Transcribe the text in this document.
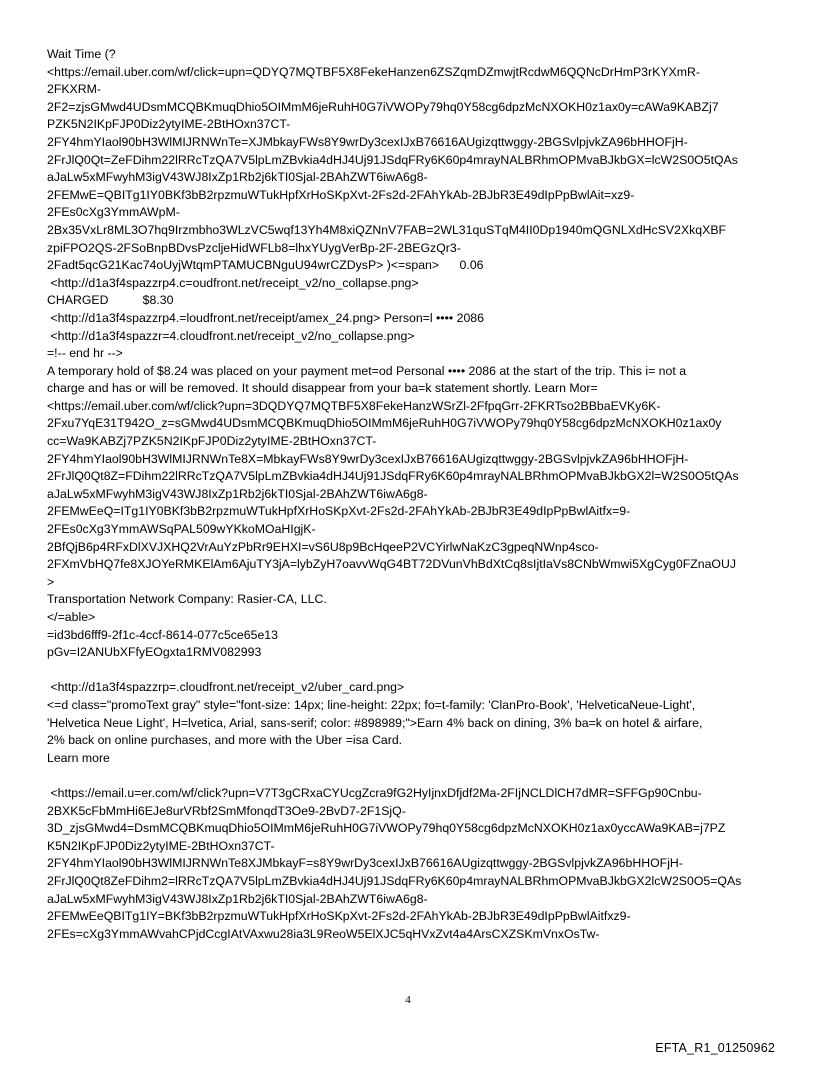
Wait Time (?
<https://email.uber.com/wf/click=upn=QDYQ7MQTBF5X8FekeHanzen6ZSZqmDZmwjtRcdwM6QQNcDrHmP3rKYXmR-
2FKXRM-
2F2=zjsGMwd4UDsmMCQBKmuqDhio5OIMmM6jeRuhH0G7iVWOPy79hq0Y58cg6dpzMcNXOKH0z1ax0y=cAWa9KABZj7
PZK5N2IKpFJP0Diz2ytyIME-2BtHOxn37CT-
2FY4hmYIaol90bH3WlMIJRNWnTe=XJMbkayFWs8Y9wrDy3cexIJxB76616AUgizqttwggy-2BGSvlpjvkZA96bHHOFjH-
2FrJlQ0Qt=ZeFDihm22lRRcTzQA7V5lpLmZBvkia4dHJ4Uj91JSdqFRy6K60p4mrayNALBRhmOPMvaBJkbGX=lcW2S0O5tQAs
aJaLw5xMFwyhM3igV43WJ8IxZp1Rb2j6kTI0Sjal-2BAhZWT6iwA6g8-
2FEMwE=QBITg1IY0BKf3bB2rpzmuWTukHpfXrHoSKpXvt-2Fs2d-2FAhYkAb-2BJbR3E49dIpPpBwlAit=xz9-
2FEs0cXg3YmmAWpM-
2Bx35VxLr8ML3O7hq9Irzmbho3WLzVC5wqf13Yh4M8xiQZNnV7FAB=2WL31quSTqM4II0Dp1940mQGNLXdHcSV2XkqXBF
zpiFPO2QS-2FSoBnpBDvsPzcljeHidWFLb8=lhxYUygVerBp-2F-2BEGzQr3-
2Fadt5qcG21Kac74oUyjWtqmPTAMUCBNguU94wrCZDysP> )<=span>      0.06
<http://d1a3f4spazzrp4.c=oudfront.net/receipt_v2/no_collapse.png>
CHARGED          $8.30
<http://d1a3f4spazzrp4.=loudfront.net/receipt/amex_24.png> Person=l •••• 2086
<http://d1a3f4spazzr=4.cloudfront.net/receipt_v2/no_collapse.png>
=!-- end hr -->
A temporary hold of $8.24 was placed on your payment met=od Personal •••• 2086 at the start of the trip. This i= not a
charge and has or will be removed. It should disappear from your ba=k statement shortly. Learn Mor=
<https://email.uber.com/wf/click?upn=3DQDYQ7MQTBF5X8FekeHanzWSrZl-2FfpqGrr-2FKRTso2BBbaEVKy6K-
2Fxu7YqE31T942O_z=sGMwd4UDsmMCQBKmuqDhio5OIMmM6jeRuhH0G7iVWOPy79hq0Y58cg6dpzMcNXOKH0z1ax0y
cc=Wa9KABZj7PZK5N2IKpFJP0Diz2ytyIME-2BtHOxn37CT-
2FY4hmYIaol90bH3WlMIJRNWnTe8X=MbkayFWs8Y9wrDy3cexIJxB76616AUgizqttwggy-2BGSvlpjvkZA96bHHOFjH-
2FrJlQ0Qt8Z=FDihm22lRRcTzQA7V5lpLmZBvkia4dHJ4Uj91JSdqFRy6K60p4mrayNALBRhmOPMvaBJkbGX2l=W2S0O5tQAs
aJaLw5xMFwyhM3igV43WJ8IxZp1Rb2j6kTI0Sjal-2BAhZWT6iwA6g8-
2FEMwEeQ=ITg1IY0BKf3bB2rpzmuWTukHpfXrHoSKpXvt-2Fs2d-2FAhYkAb-2BJbR3E49dIpPpBwlAitfx=9-
2FEs0cXg3YmmAWSqPAL509wYKkoMOaHIgjK-
2BfQjB6p4RFxDlXVJXHQ2VrAuYzPbRr9EHXI=vS6U8p9BcHqeeP2VCYirlwNaKzC3gpeqNWnp4sco-
2FXmVbHQ7fe8XJOYeRMKElAm6AjuTY3jA=lybZyH7oavvWqG4BT72DVunVhBdXtCq8sIjtIaVs8CNbWmwi5XgCyg0FZnaOUJ
>
Transportation Network Company: Rasier-CA, LLC.
</=able>
=id3bd6fff9-2f1c-4ccf-8614-077c5ce65e13
pGv=I2ANUbXFfyEOgxta1RMV082993
<http://d1a3f4spazzrp=.cloudfront.net/receipt_v2/uber_card.png>
<=d class="promoText gray" style="font-size: 14px; line-height: 22px; fo=t-family: 'ClanPro-Book', 'HelveticaNeue-Light',
'Helvetica Neue Light', H=lvetica, Arial, sans-serif; color: #898989;">Earn 4% back on dining, 3% ba=k on hotel & airfare,
2% back on online purchases, and more with the Uber =isa Card.
Learn more
<https://email.u=er.com/wf/click?upn=V7T3gCRxaCYUcgZcra9fG2HyIjnxDfjdf2Ma-2FIjNCLDlCH7dMR=SFFGp90Cnbu-
2BXK5cFbMmHi6EJe8urVRbf2SmMfonqdT3Oe9-2BvD7-2F1SjQ-
3D_zjsGMwd4=DsmMCQBKmuqDhio5OIMmM6jeRuhH0G7iVWOPy79hq0Y58cg6dpzMcNXOKH0z1ax0yccAWa9KAB=j7PZ
K5N2IKpFJP0Diz2ytyIME-2BtHOxn37CT-
2FY4hmYIaol90bH3WlMIJRNWnTe8XJMbkayF=s8Y9wrDy3cexIJxB76616AUgizqttwggy-2BGSvlpjvkZA96bHHOFjH-
2FrJlQ0Qt8ZeFDihm2=lRRcTzQA7V5lpLmZBvkia4dHJ4Uj91JSdqFRy6K60p4mrayNALBRhmOPMvaBJkbGX2lcW2S0O5=QAs
aJaLw5xMFwyhM3igV43WJ8IxZp1Rb2j6kTI0Sjal-2BAhZWT6iwA6g8-
2FEMwEeQBITg1IY=BKf3bB2rpzmuWTukHpfXrHoSKpXvt-2Fs2d-2FAhYkAb-2BJbR3E49dIpPpBwlAitfxz9-
2FEs=cXg3YmmAWvahCPjdCcgIAtVAxwu28ia3L9ReoW5ElXJC5qHVxZvt4a4ArsCXZSKmVnxOsTw-
4
EFTA_R1_01250962
